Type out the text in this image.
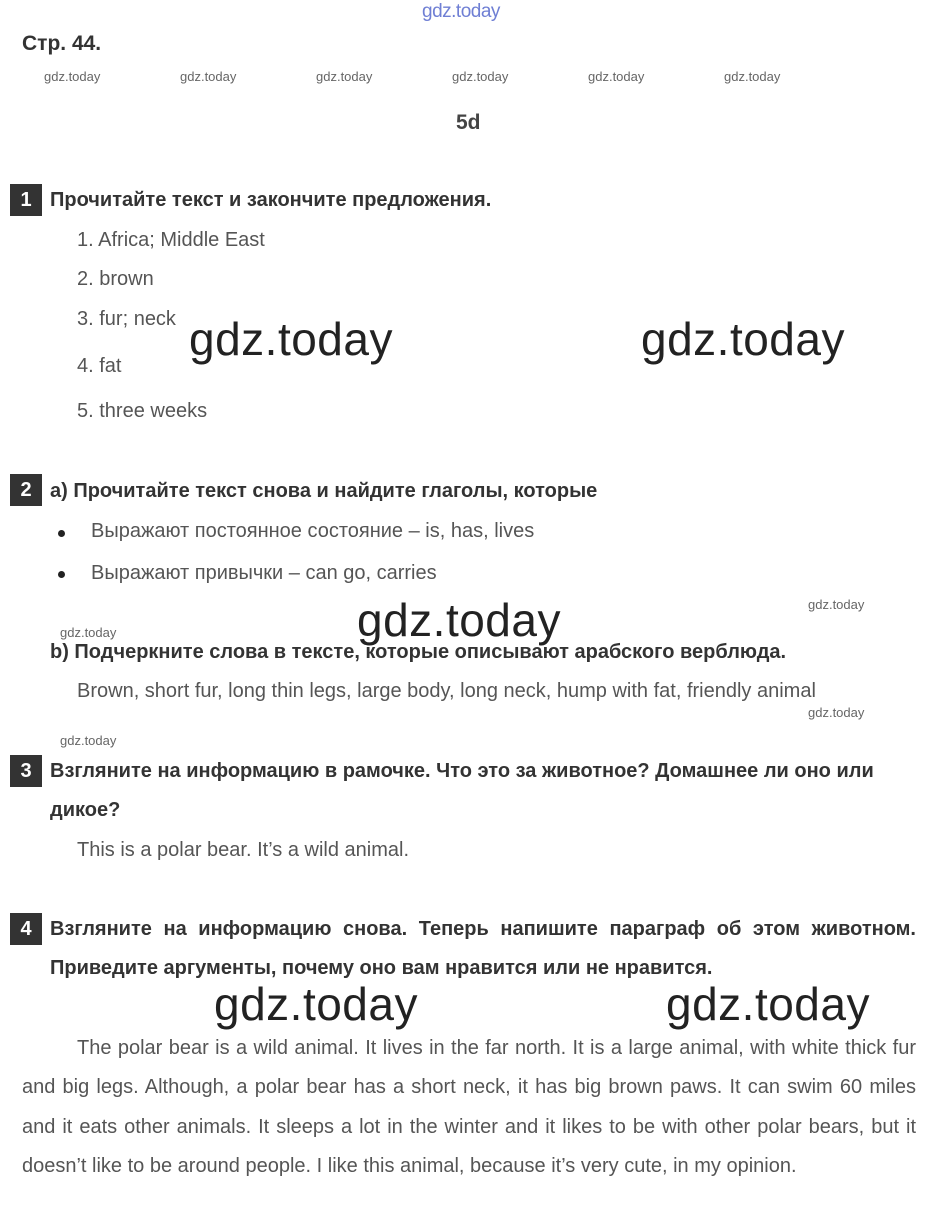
gdz.today
Стр. 44.
gdz.today	gdz.today	gdz.today	gdz.today	gdz.today	gdz.today
5d
1 Прочитайте текст и закончите предложения.
1. Africa; Middle East
2. brown
3. fur; neck
4. fat
5. three weeks
gdz.today	gdz.today
2 a) Прочитайте текст снова и найдите глаголы, которые
Выражают постоянное состояние – is, has, lives
Выражают привычки – can go, carries
gdz.today	gdz.today
gdz.today
b) Подчеркните слова в тексте, которые описывают арабского верблюда.
Brown, short fur, long thin legs, large body, long neck, hump with fat, friendly animal
gdz.today
gdz.today
3 Взгляните на информацию в рамочке. Что это за животное? Домашнее ли оно или дикое?
This is a polar bear. It’s a wild animal.
4 Взгляните на информацию снова. Теперь напишите параграф об этом животном. Приведите аргументы, почему оно вам нравится или не нравится.
gdz.today	gdz.today
The polar bear is a wild animal. It lives in the far north. It is a large animal, with white thick fur and big legs. Although, a polar bear has a short neck, it has big brown paws. It can swim 60 miles and it eats other animals. It sleeps a lot in the winter and it likes to be with other polar bears, but it doesn’t like to be around people. I like this animal, because it’s very cute, in my opinion.
